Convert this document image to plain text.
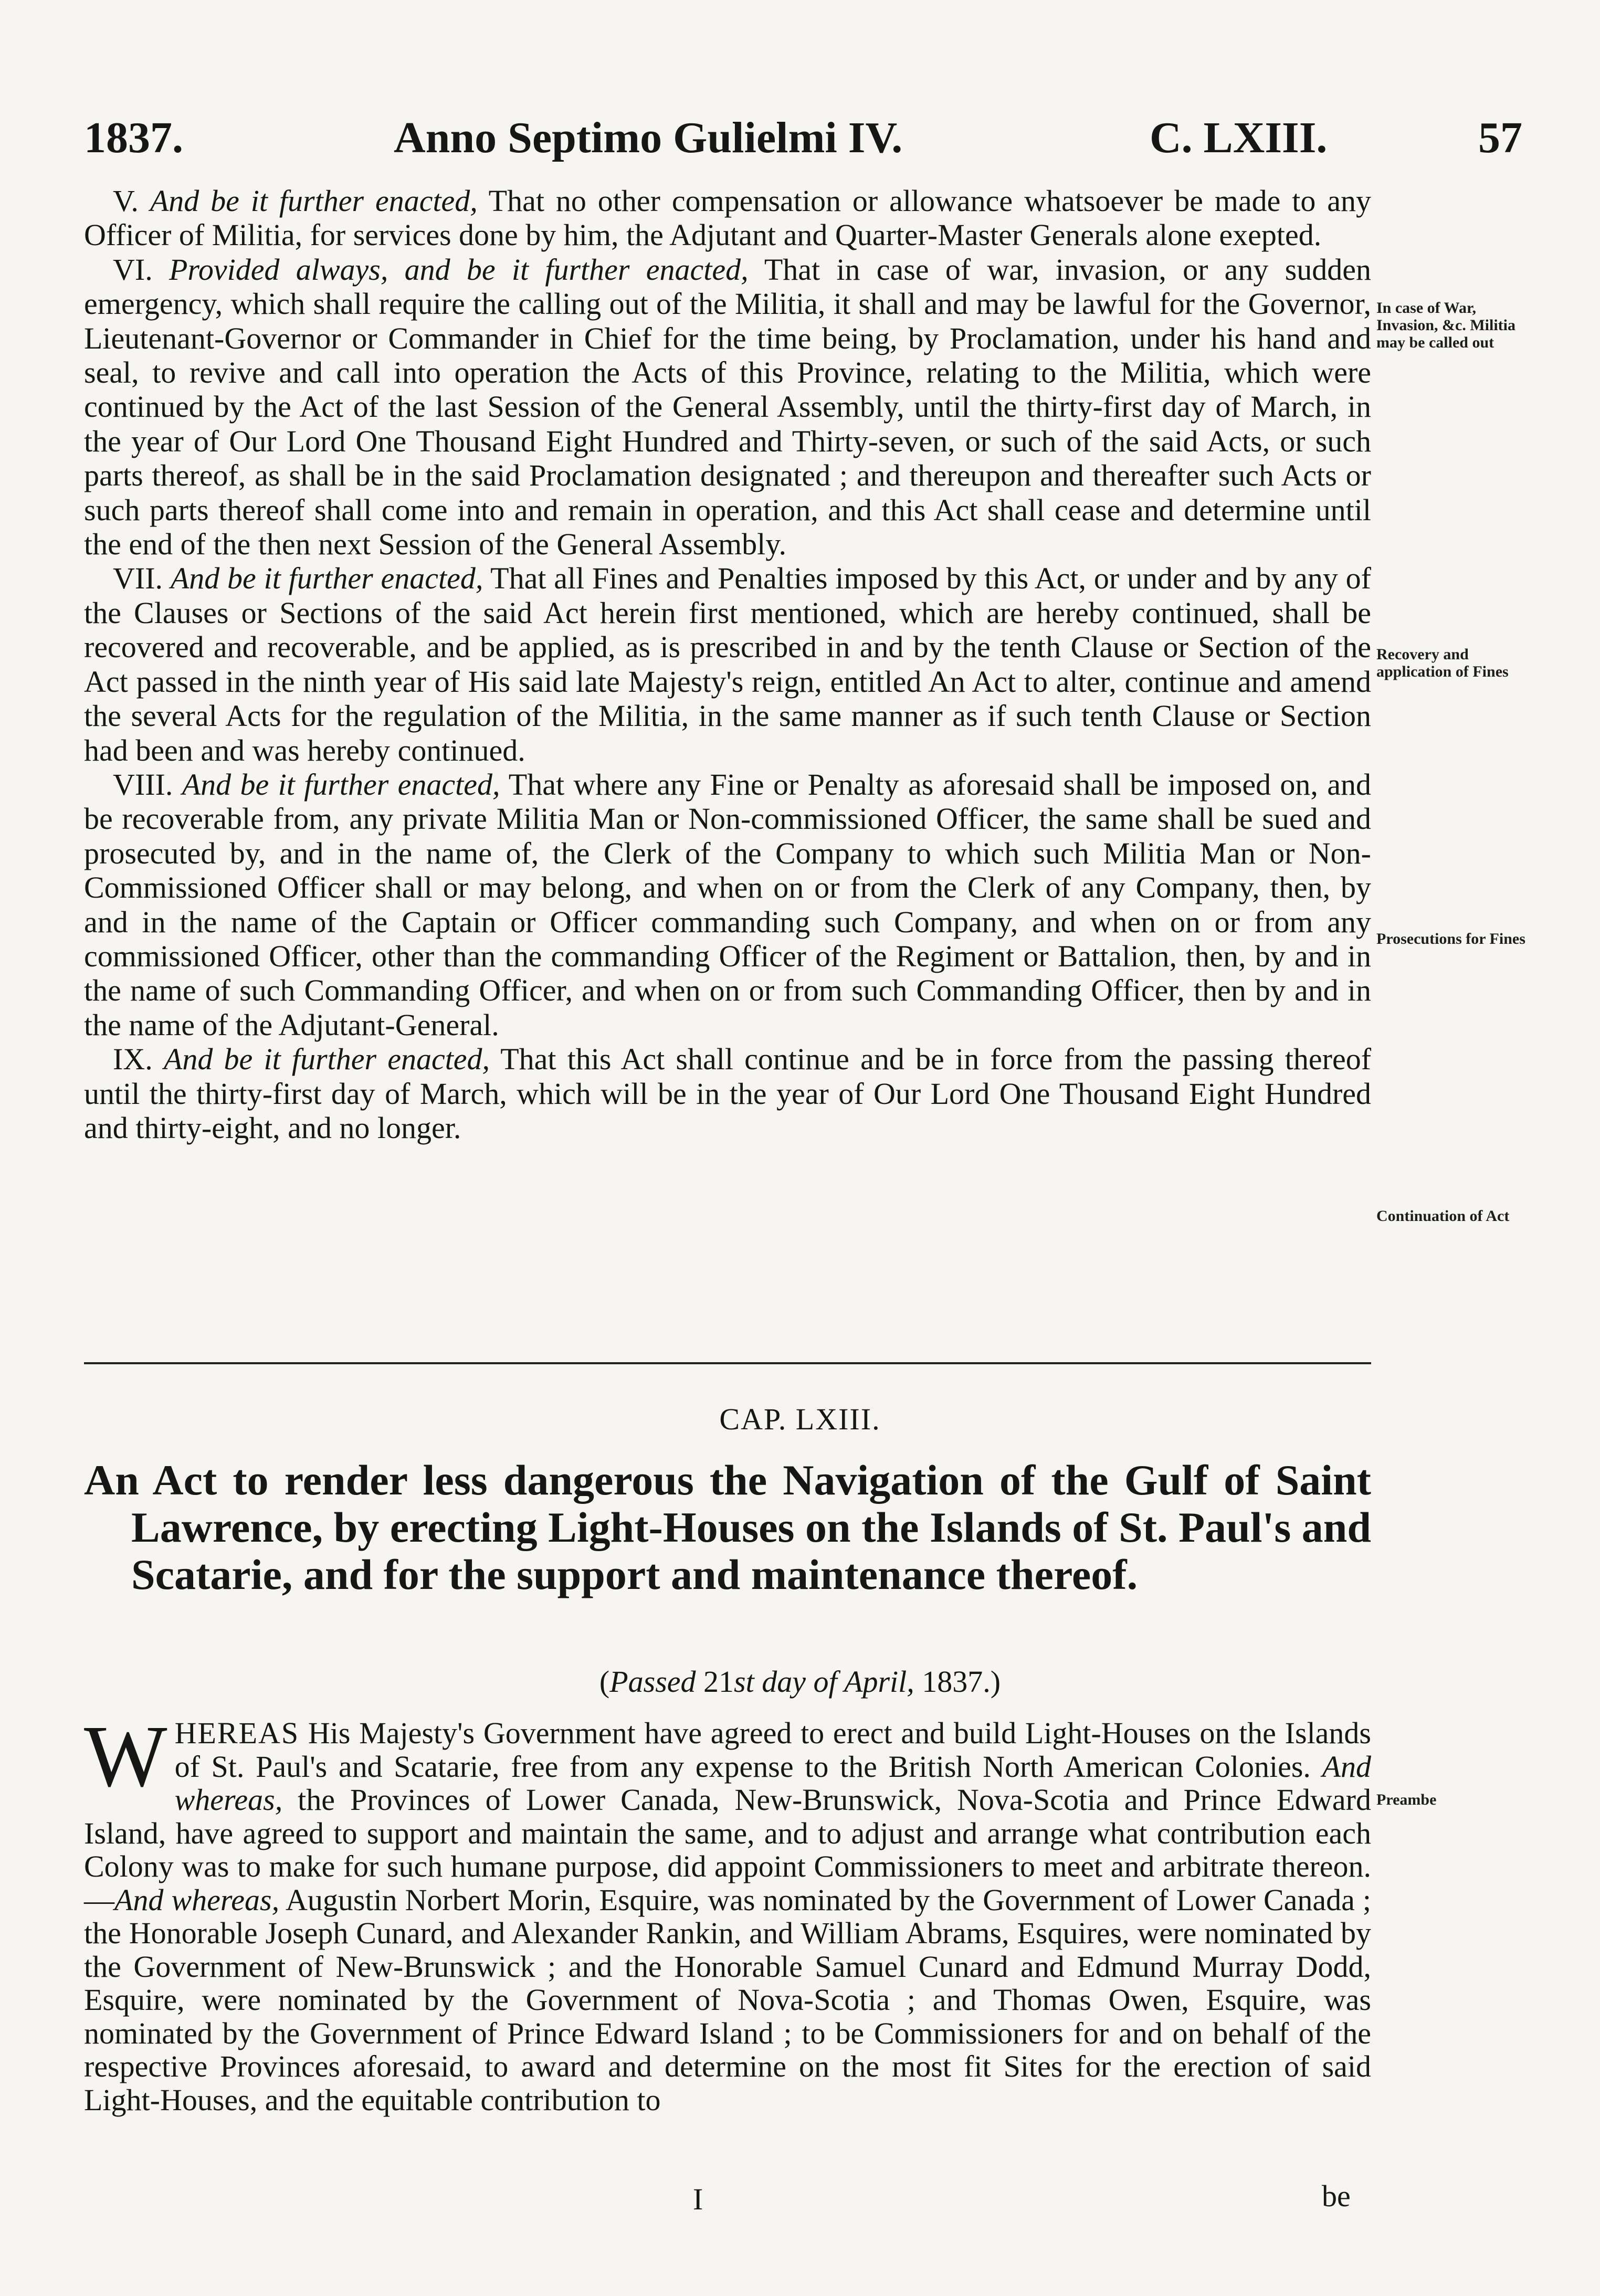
1837.	Anno Septimo Gulielmi IV.	C. LXIII.	57

V. And be it further enacted, That no other compensation or allowance whatsoever be made to any Officer of Militia, for services done by him, the Adjutant and Quarter-Master Generals alone exepted.

VI. Provided always, and be it further enacted, That in case of war, invasion, or any sudden emergency, which shall require the calling out of the Militia, it shall and may be lawful for the Governor, Lieutenant-Governor or Commander in Chief for the time being, by Proclamation, under his hand and seal, to revive and call into operation the Acts of this Province, relating to the Militia, which were continued by the Act of the last Session of the General Assembly, until the thirty-first day of March, in the year of Our Lord One Thousand Eight Hundred and Thirty-seven, or such of the said Acts, or such parts thereof, as shall be in the said Proclamation designated ; and thereupon and thereafter such Acts or such parts thereof shall come into and remain in operation, and this Act shall cease and determine until the end of the then next Session of the General Assembly.

VII. And be it further enacted, That all Fines and Penalties imposed by this Act, or under and by any of the Clauses or Sections of the said Act herein first mentioned, which are hereby continued, shall be recovered and recoverable, and be applied, as is prescribed in and by the tenth Clause or Section of the Act passed in the ninth year of His said late Majesty's reign, entitled An Act to alter, continue and amend the several Acts for the regulation of the Militia, in the same manner as if such tenth Clause or Section had been and was hereby continued.

VIII. And be it further enacted, That where any Fine or Penalty as aforesaid shall be imposed on, and be recoverable from, any private Militia Man or Non-commissioned Officer, the same shall be sued and prosecuted by, and in the name of, the Clerk of the Company to which such Militia Man or Non-Commissioned Officer shall or may belong, and when on or from the Clerk of any Company, then, by and in the name of the Captain or Officer commanding such Company, and when on or from any commissioned Officer, other than the commanding Officer of the Regiment or Battalion, then, by and in the name of such Commanding Officer, and when on or from such Commanding Officer, then by and in the name of the Adjutant-General.

IX. And be it further enacted, That this Act shall continue and be in force from the passing thereof until the thirty-first day of March, which will be in the year of Our Lord One Thousand Eight Hundred and thirty-eight, and no longer.

In case of War, Invasion, &c. Militia may be called out
Recovery and application of Fines
Prosecutions for Fines
Continuation of Act
Preambe
CAP. LXIII.
An Act to render less dangerous the Navigation of the Gulf of Saint Lawrence, by erecting Light-Houses on the Islands of St. Paul's and Scatarie, and for the support and maintenance thereof.
(Passed 21st day of April, 1837.)

WHEREAS His Majesty's Government have agreed to erect and build Light-Houses on the Islands of St. Paul's and Scatarie, free from any expense to the British North American Colonies. And whereas, the Provinces of Lower Canada, New-Brunswick, Nova-Scotia and Prince Edward Island, have agreed to support and maintain the same, and to adjust and arrange what contribution each Colony was to make for such humane purpose, did appoint Commissioners to meet and arbitrate thereon.—And whereas, Augustin Norbert Morin, Esquire, was nominated by the Government of Lower Canada ; the Honorable Joseph Cunard, and Alexander Rankin, and William Abrams, Esquires, were nominated by the Government of New-Brunswick ; and the Honorable Samuel Cunard and Edmund Murray Dodd, Esquire, were nominated by the Government of Nova-Scotia ; and Thomas Owen, Esquire, was nominated by the Government of Prince Edward Island ; to be Commissioners for and on behalf of the respective Provinces aforesaid, to award and determine on the most fit Sites for the erection of said Light-Houses, and the equitable contribution to

I	be
